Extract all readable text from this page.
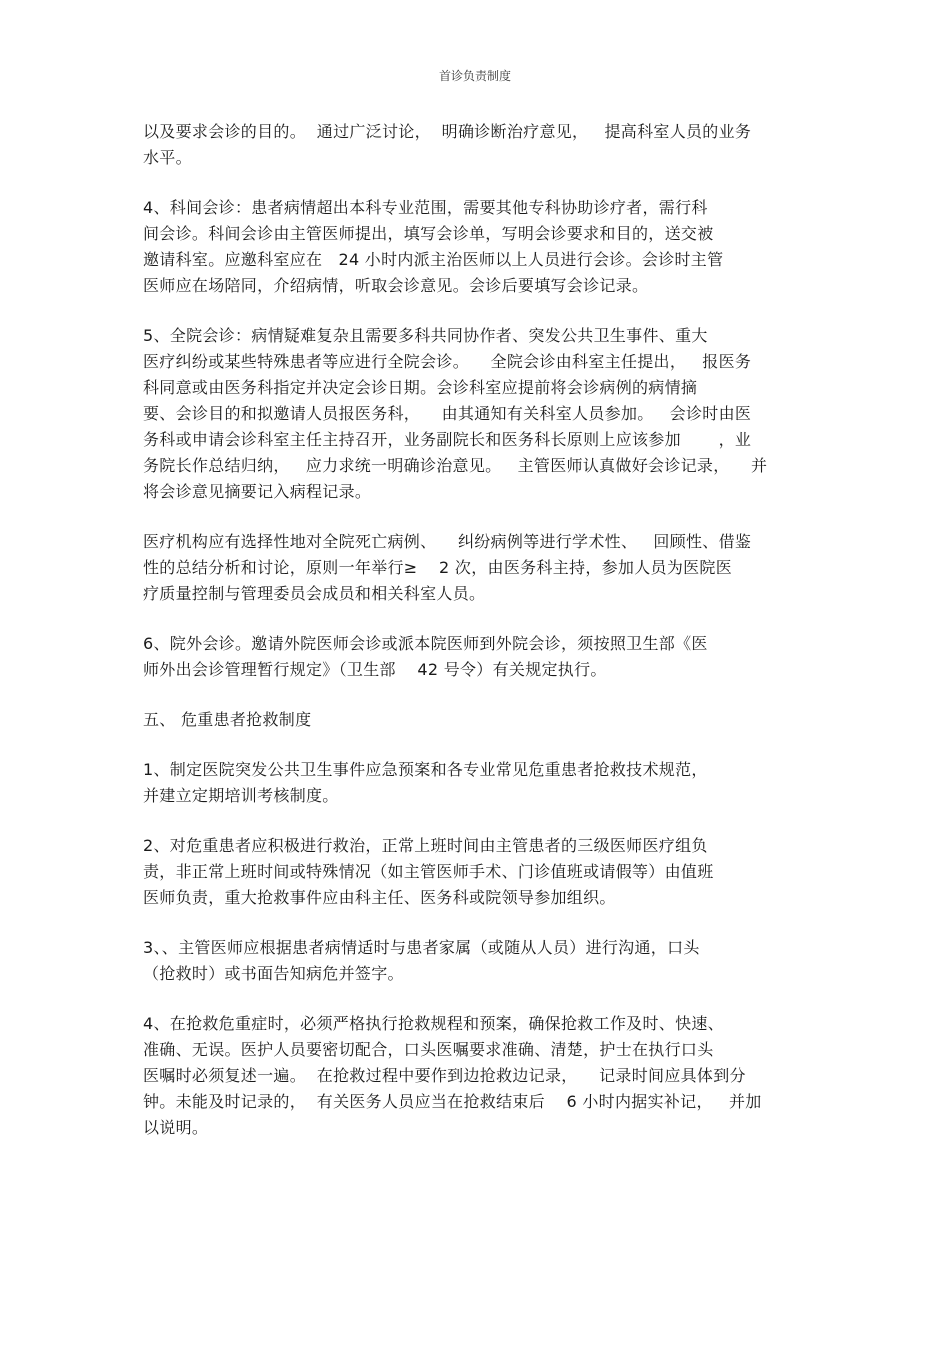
首诊负责制度
以及要求会诊的目的。  通过广泛讨论，  明确诊断治疗意见，   提高科室人员的业务
水平。
4、科间会诊：患者病情超出本科专业范围，需要其他专科协助诊疗者，需行科
间会诊。科间会诊由主管医师提出，填写会诊单，写明会诊要求和目的，送交被
邀请科室。应邀科室应在   24 小时内派主治医师以上人员进行会诊。会诊时主管
医师应在场陪同，介绍病情，听取会诊意见。会诊后要填写会诊记录。
5、全院会诊：病情疑难复杂且需要多科共同协作者、突发公共卫生事件、重大
医疗纠纷或某些特殊患者等应进行全院会诊。    全院会诊由科室主任提出，   报医务
科同意或由医务科指定并决定会诊日期。会诊科室应提前将会诊病例的病情摘
要、会诊目的和拟邀请人员报医务科，    由其通知有关科室人员参加。   会诊时由医
务科或申请会诊科室主任主持召开，业务副院长和医务科长原则上应该参加       ，业
务院长作总结归纳，   应力求统一明确诊治意见。   主管医师认真做好会诊记录，    并
将会诊意见摘要记入病程记录。
医疗机构应有选择性地对全院死亡病例、    纠纷病例等进行学术性、   回顾性、借鉴
性的总结分析和讨论，原则一年举行≥    2 次，由医务科主持，参加人员为医院医
疗质量控制与管理委员会成员和相关科室人员。
6、院外会诊。邀请外院医师会诊或派本院医师到外院会诊，须按照卫生部《医
师外出会诊管理暂行规定》（卫生部    42 号令）有关规定执行。
五、 危重患者抢救制度
1、制定医院突发公共卫生事件应急预案和各专业常见危重患者抢救技术规范，
并建立定期培训考核制度。
2、对危重患者应积极进行救治，正常上班时间由主管患者的三级医师医疗组负
责，非正常上班时间或特殊情况（如主管医师手术、门诊值班或请假等）由值班
医师负责，重大抢救事件应由科主任、医务科或院领导参加组织。
3、、主管医师应根据患者病情适时与患者家属（或随从人员）进行沟通，口头
（抢救时）或书面告知病危并签字。
4、在抢救危重症时，必须严格执行抢救规程和预案，确保抢救工作及时、快速、
准确、无误。医护人员要密切配合，口头医嘱要求准确、清楚，护士在执行口头
医嘱时必须复述一遍。  在抢救过程中要作到边抢救边记录，    记录时间应具体到分
钟。未能及时记录的，  有关医务人员应当在抢救结束后    6 小时内据实补记，   并加
以说明。
